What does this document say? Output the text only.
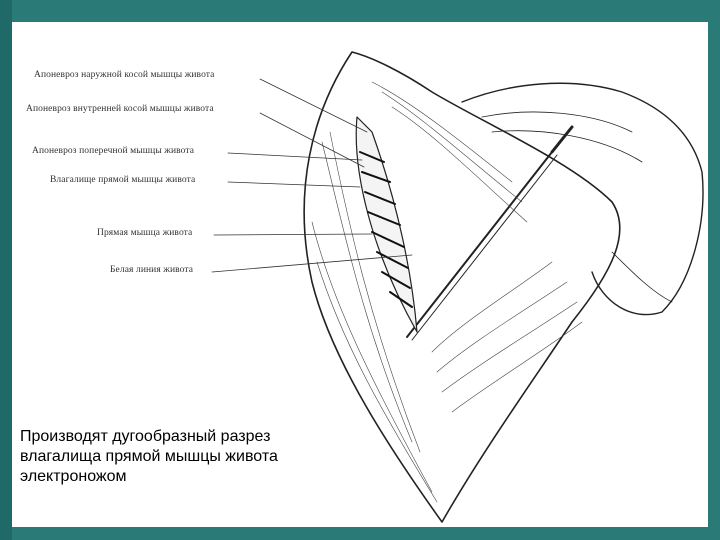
Апоневроз наружной косой мышцы живота
Апоневроз внутренней косой мышцы живота
Апоневроз поперечной мышцы живота
Влагалище прямой мышцы живота
Прямая мышца живота
Белая линия живота
Производят дугообразный разрез
влагалища прямой мышцы живота
электроножом
